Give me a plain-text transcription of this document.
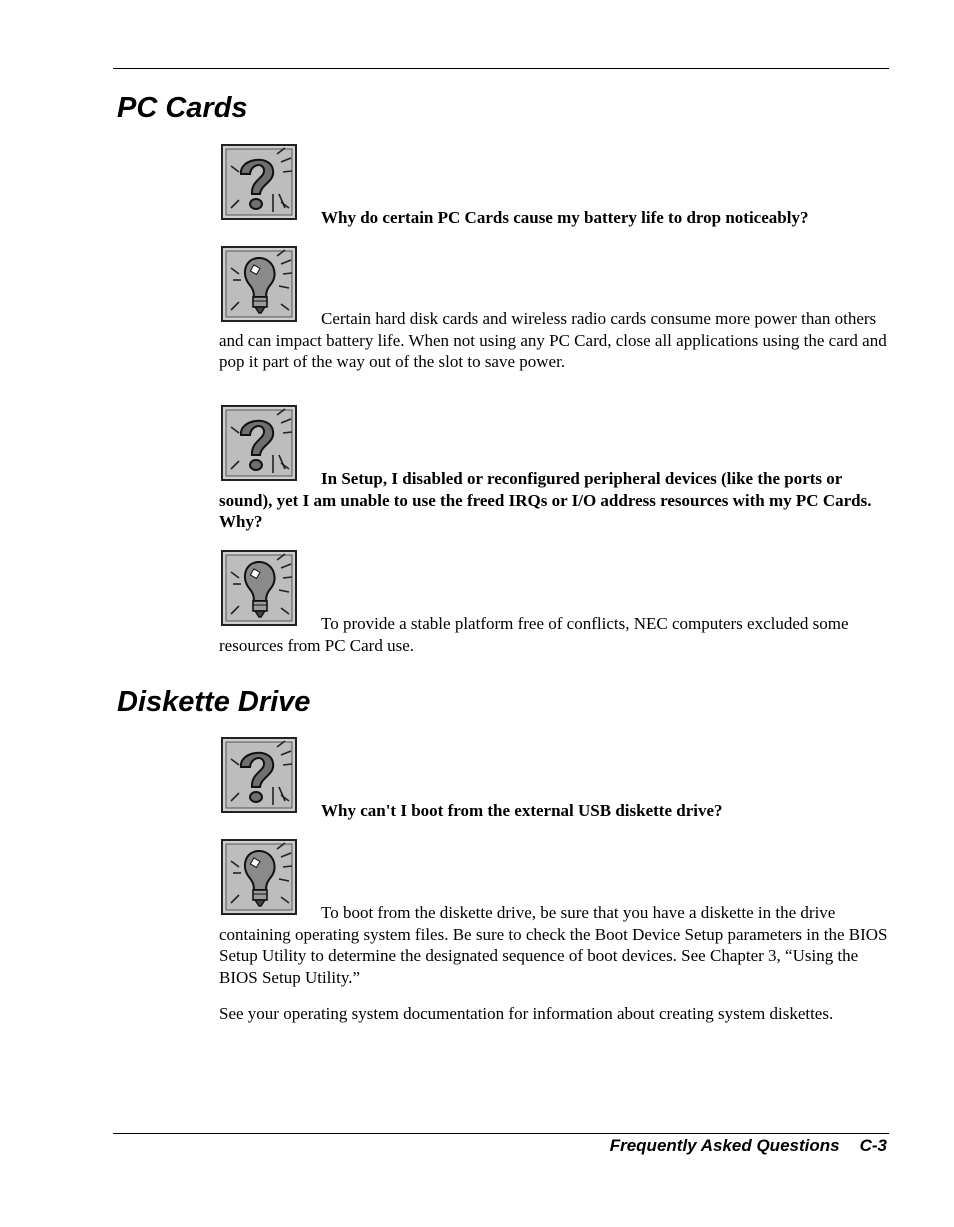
PC Cards

Why do certain PC Cards cause my battery life to drop noticeably?

Certain hard disk cards and wireless radio cards consume more power than others and can impact battery life. When not using any PC Card, close all applications using the card and pop it part of the way out of the slot to save power.

In Setup, I disabled or reconfigured peripheral devices (like the ports or sound), yet I am unable to use the freed IRQs or I/O address resources with my PC Cards. Why?

To provide a stable platform free of conflicts, NEC computers excluded some resources from PC Card use.

Diskette Drive

Why can't I boot from the external USB diskette drive?

To boot from the diskette drive, be sure that you have a diskette in the drive containing operating system files. Be sure to check the Boot Device Setup parameters in the BIOS Setup Utility to determine the designated sequence of boot devices. See Chapter 3, “Using the BIOS Setup Utility.”

See your operating system documentation for information about creating system diskettes.

Frequently Asked Questions C-3
